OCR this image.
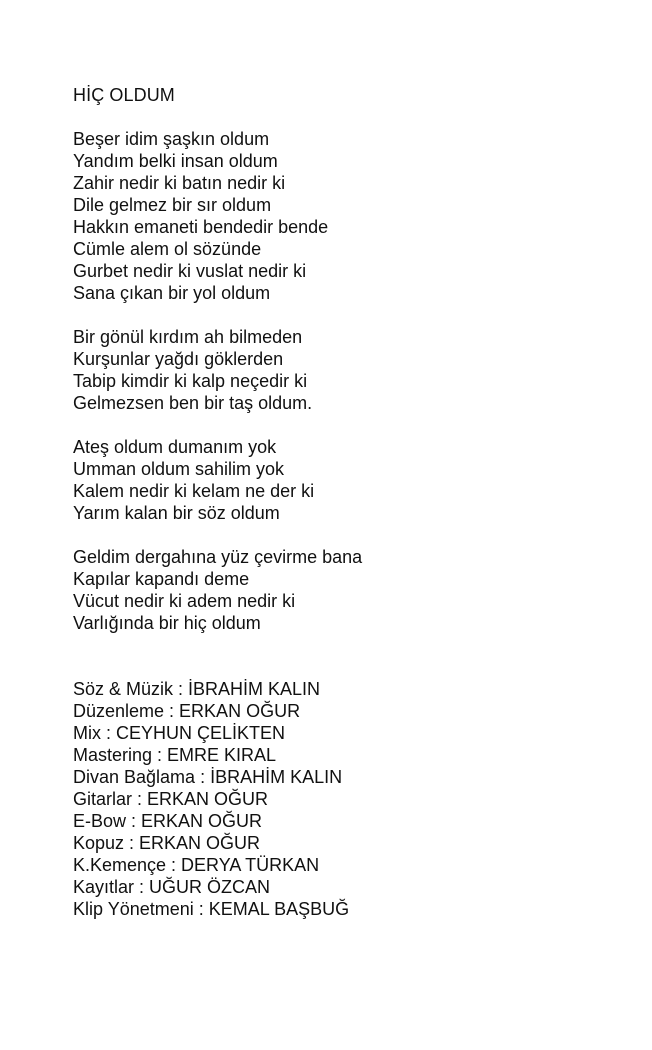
HİÇ OLDUM
Beşer idim şaşkın oldum
Yandım belki insan oldum
Zahir nedir ki batın nedir ki
Dile gelmez bir sır oldum
Hakkın emaneti bendedir bende
Cümle alem ol sözünde
Gurbet nedir ki vuslat nedir ki
Sana çıkan bir yol oldum
Bir gönül kırdım ah bilmeden
Kurşunlar yağdı göklerden
Tabip kimdir ki kalp neçedir ki
Gelmezsen ben bir taş oldum.
Ateş oldum dumanım yok
Umman oldum sahilim yok
Kalem nedir ki kelam ne der ki
Yarım kalan bir söz oldum
Geldim dergahına yüz çevirme bana
Kapılar kapandı deme
Vücut nedir ki adem nedir ki
Varlığında bir hiç oldum
Söz & Müzik : İBRAHİM KALIN
Düzenleme : ERKAN OĞUR
Mix : CEYHUN ÇELİKTEN
Mastering : EMRE KIRAL
Divan Bağlama : İBRAHİM KALIN
Gitarlar : ERKAN OĞUR
E-Bow : ERKAN OĞUR
Kopuz : ERKAN OĞUR
K.Kemençe : DERYA TÜRKAN
Kayıtlar : UĞUR ÖZCAN
Klip Yönetmeni : KEMAL BAŞBUĞ
